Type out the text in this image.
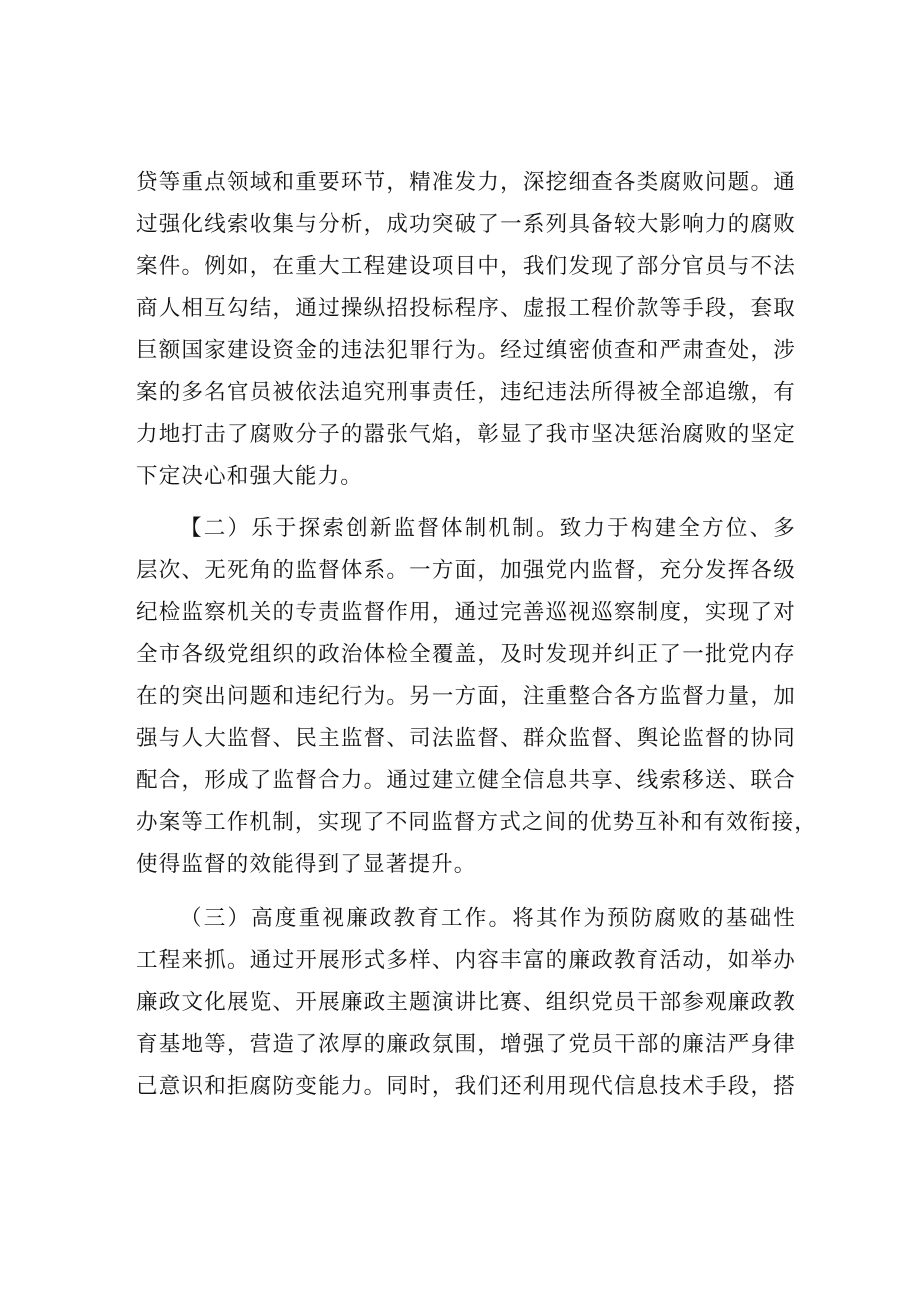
贷等重点领域和重要环节，精准发力，深挖细查各类腐败问题。通
过强化线索收集与分析，成功突破了一系列具备较大影响力的腐败
案件。例如，在重大工程建设项目中，我们发现了部分官员与不法
商人相互勾结，通过操纵招投标程序、虚报工程价款等手段，套取
巨额国家建设资金的违法犯罪行为。经过缜密侦查和严肃查处，涉
案的多名官员被依法追究刑事责任，违纪违法所得被全部追缴，有
力地打击了腐败分子的嚣张气焰，彰显了我市坚决惩治腐败的坚定
下定决心和强大能力。
【二）乐于探索创新监督体制机制。致力于构建全方位、多
层次、无死角的监督体系。一方面，加强党内监督，充分发挥各级
纪检监察机关的专责监督作用，通过完善巡视巡察制度，实现了对
全市各级党组织的政治体检全覆盖，及时发现并纠正了一批党内存
在的突出问题和违纪行为。另一方面，注重整合各方监督力量，加
强与人大监督、民主监督、司法监督、群众监督、舆论监督的协同
配合，形成了监督合力。通过建立健全信息共享、线索移送、联合
办案等工作机制，实现了不同监督方式之间的优势互补和有效衔接，
使得监督的效能得到了显著提升。
（三）高度重视廉政教育工作。将其作为预防腐败的基础性
工程来抓。通过开展形式多样、内容丰富的廉政教育活动，如举办
廉政文化展览、开展廉政主题演讲比赛、组织党员干部参观廉政教
育基地等，营造了浓厚的廉政氛围，增强了党员干部的廉洁严身律
己意识和拒腐防变能力。同时，我们还利用现代信息技术手段，搭
